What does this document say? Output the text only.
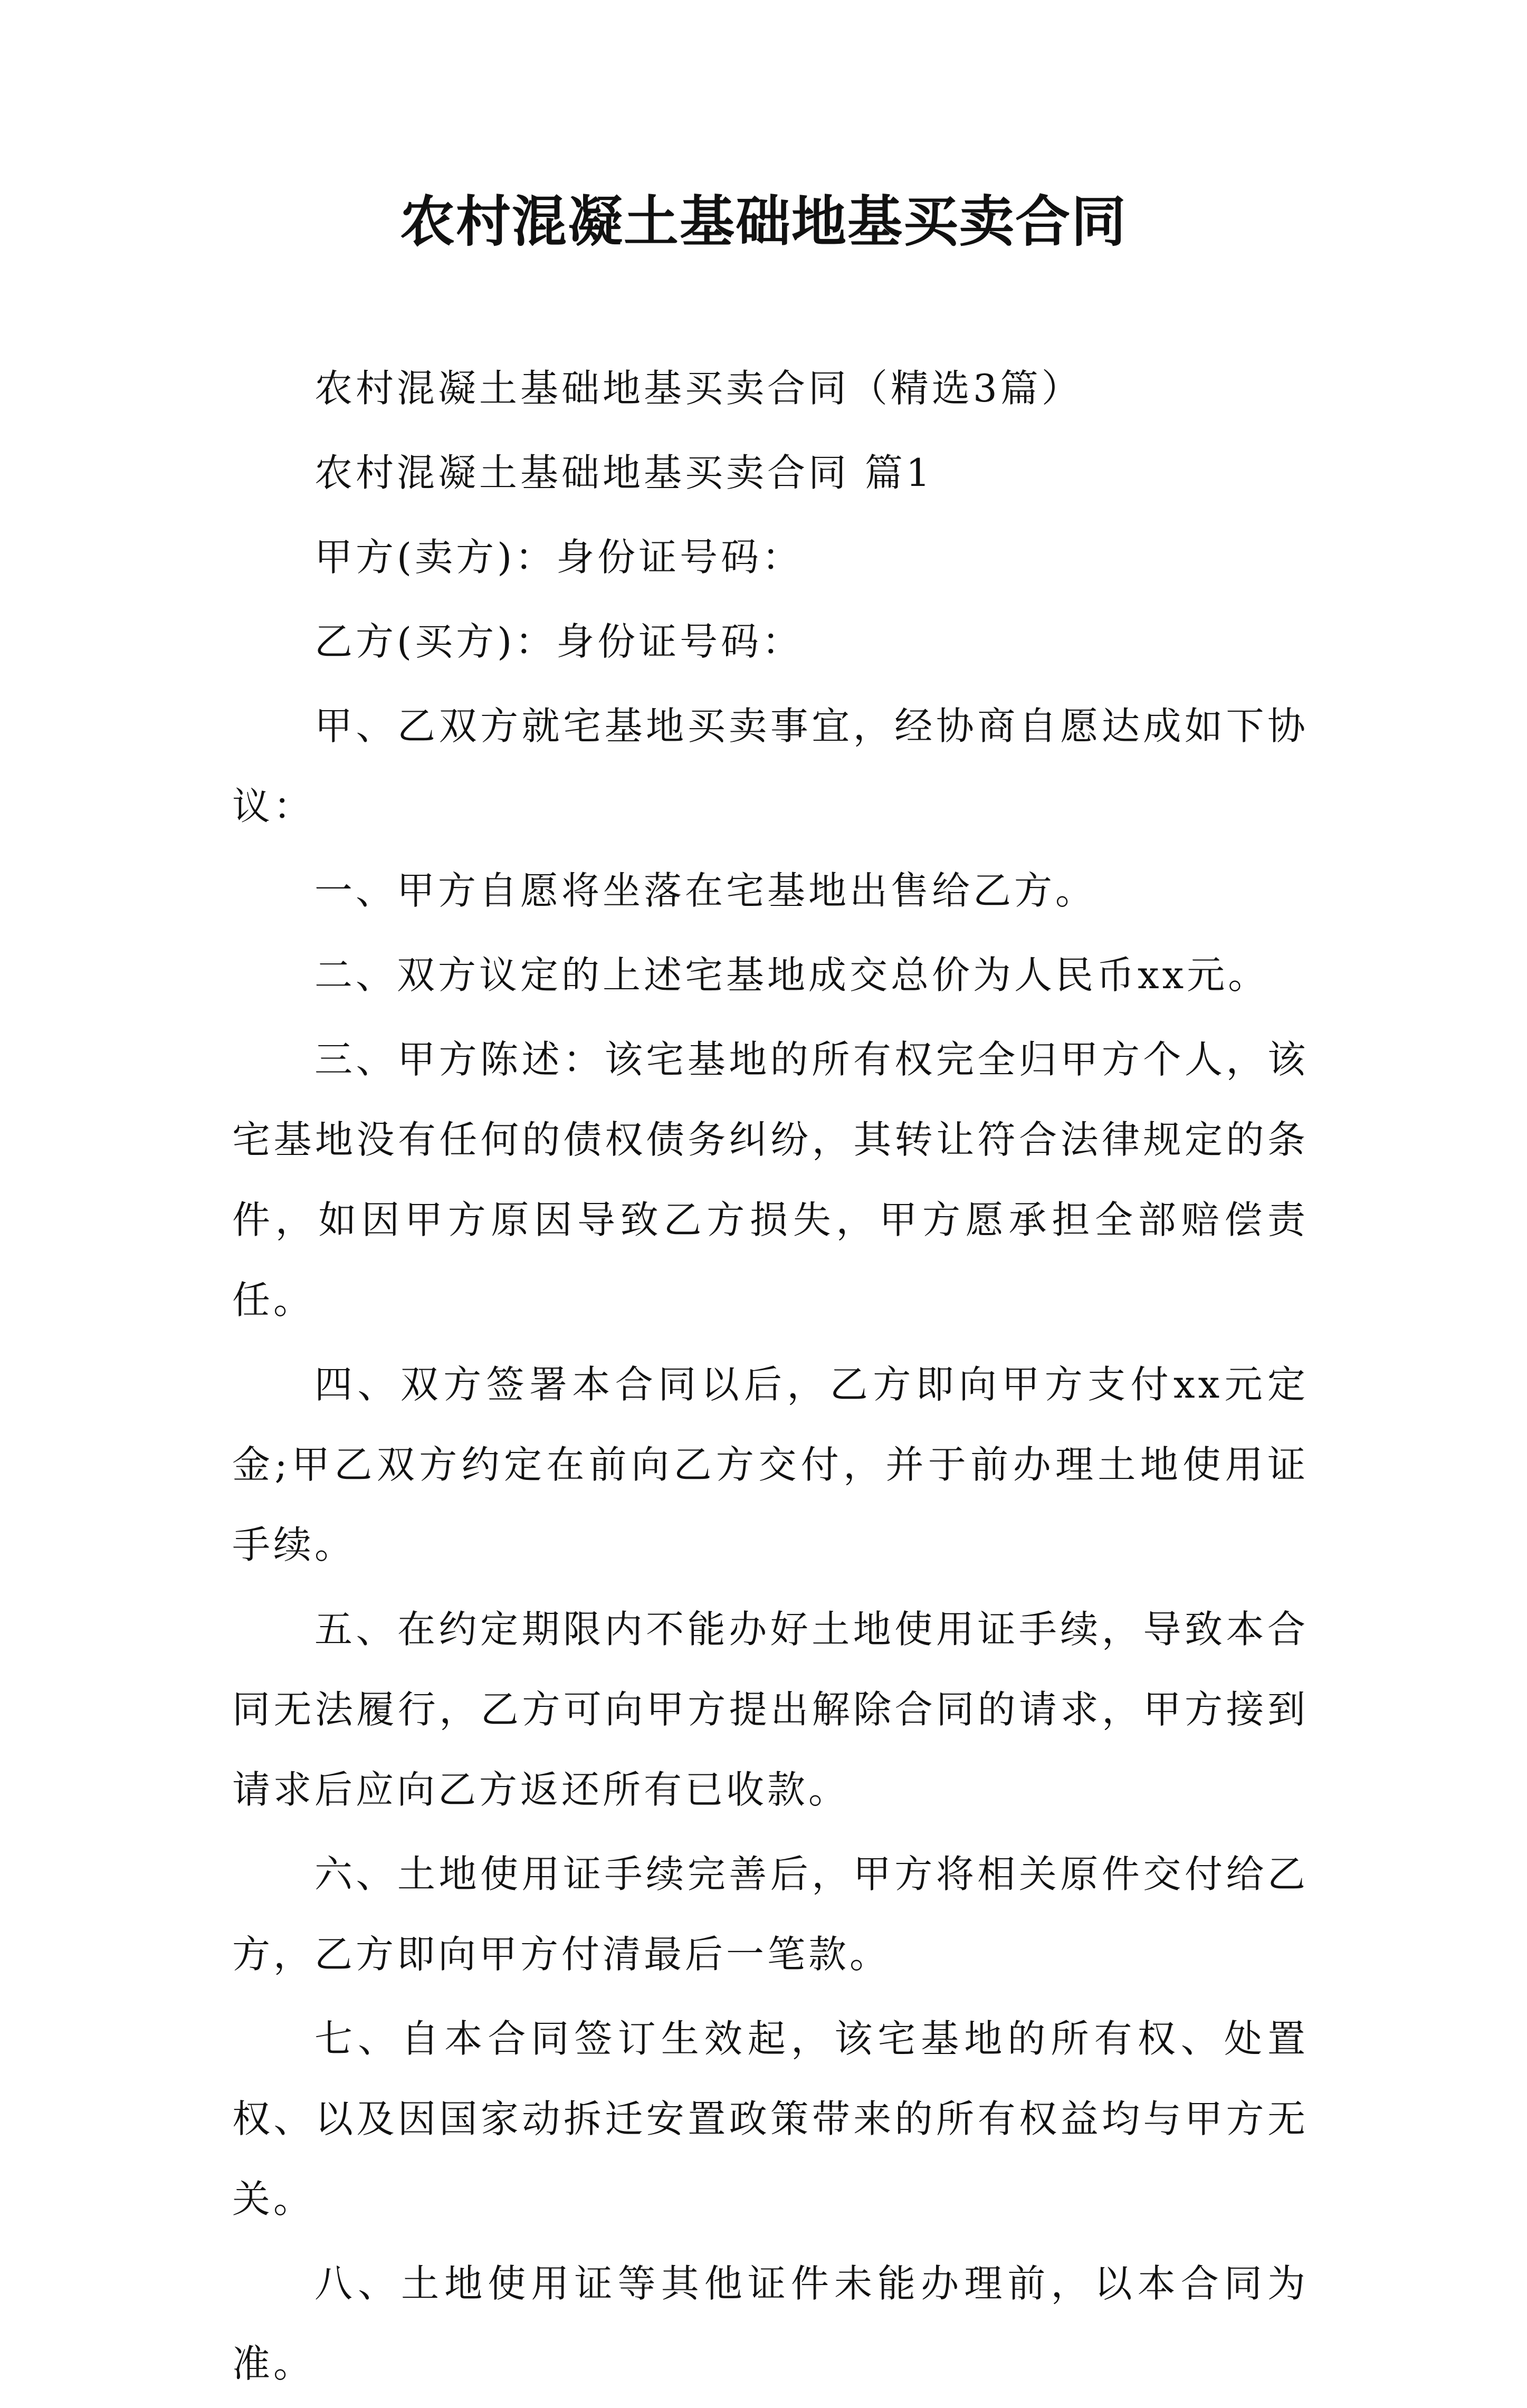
农村混凝土基础地基买卖合同

农村混凝土基础地基买卖合同（精选3篇）

农村混凝土基础地基买卖合同 篇1

甲方(卖方)：身份证号码：

乙方(买方)：身份证号码：

甲、乙双方就宅基地买卖事宜，经协商自愿达成如下协议：

一、甲方自愿将坐落在宅基地出售给乙方。

二、双方议定的上述宅基地成交总价为人民币xx元。

三、甲方陈述：该宅基地的所有权完全归甲方个人，该宅基地没有任何的债权债务纠纷，其转让符合法律规定的条件，如因甲方原因导致乙方损失，甲方愿承担全部赔偿责任。

四、双方签署本合同以后，乙方即向甲方支付xx元定金;甲乙双方约定在前向乙方交付，并于前办理土地使用证手续。

五、在约定期限内不能办好土地使用证手续，导致本合同无法履行，乙方可向甲方提出解除合同的请求，甲方接到请求后应向乙方返还所有已收款。

六、土地使用证手续完善后，甲方将相关原件交付给乙方，乙方即向甲方付清最后一笔款。

七、自本合同签订生效起，该宅基地的所有权、处置权、以及因国家动拆迁安置政策带来的所有权益均与甲方无关。

八、土地使用证等其他证件未能办理前，以本合同为准。
